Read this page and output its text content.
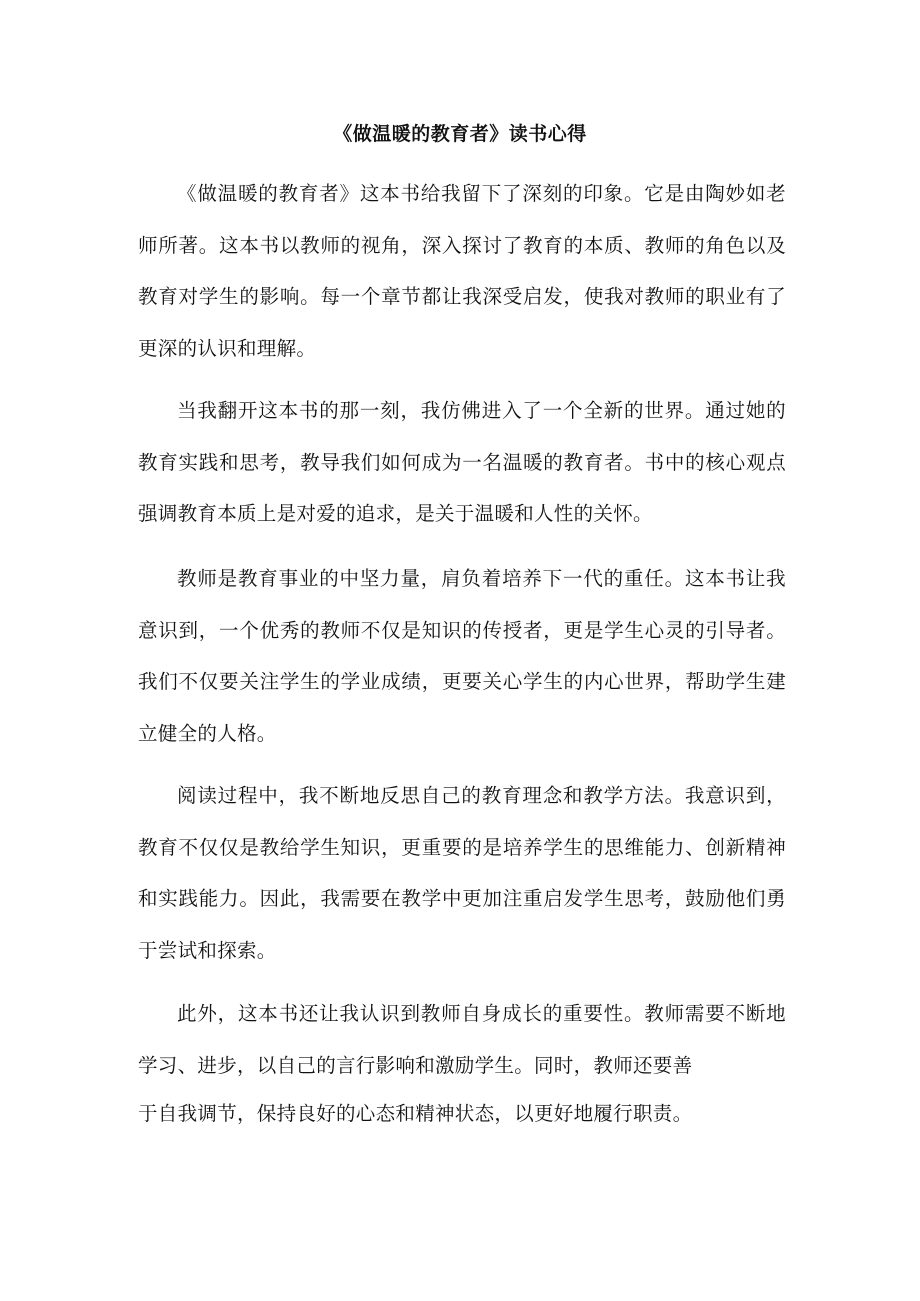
《做温暖的教育者》读书心得

《做温暖的教育者》这本书给我留下了深刻的印象。它是由陶妙如老师所著。这本书以教师的视角，深入探讨了教育的本质、教师的角色以及教育对学生的影响。每一个章节都让我深受启发，使我对教师的职业有了更深的认识和理解。

当我翻开这本书的那一刻，我仿佛进入了一个全新的世界。通过她的教育实践和思考，教导我们如何成为一名温暖的教育者。书中的核心观点强调教育本质上是对爱的追求，是关于温暖和人性的关怀。

教师是教育事业的中坚力量，肩负着培养下一代的重任。这本书让我意识到，一个优秀的教师不仅是知识的传授者，更是学生心灵的引导者。我们不仅要关注学生的学业成绩，更要关心学生的内心世界，帮助学生建立健全的人格。

阅读过程中，我不断地反思自己的教育理念和教学方法。我意识到，教育不仅仅是教给学生知识，更重要的是培养学生的思维能力、创新精神和实践能力。因此，我需要在教学中更加注重启发学生思考，鼓励他们勇于尝试和探索。

此外，这本书还让我认识到教师自身成长的重要性。教师需要不断地学习、进步，以自己的言行影响和激励学生。同时，教师还要善

于自我调节，保持良好的心态和精神状态，以更好地履行职责。
